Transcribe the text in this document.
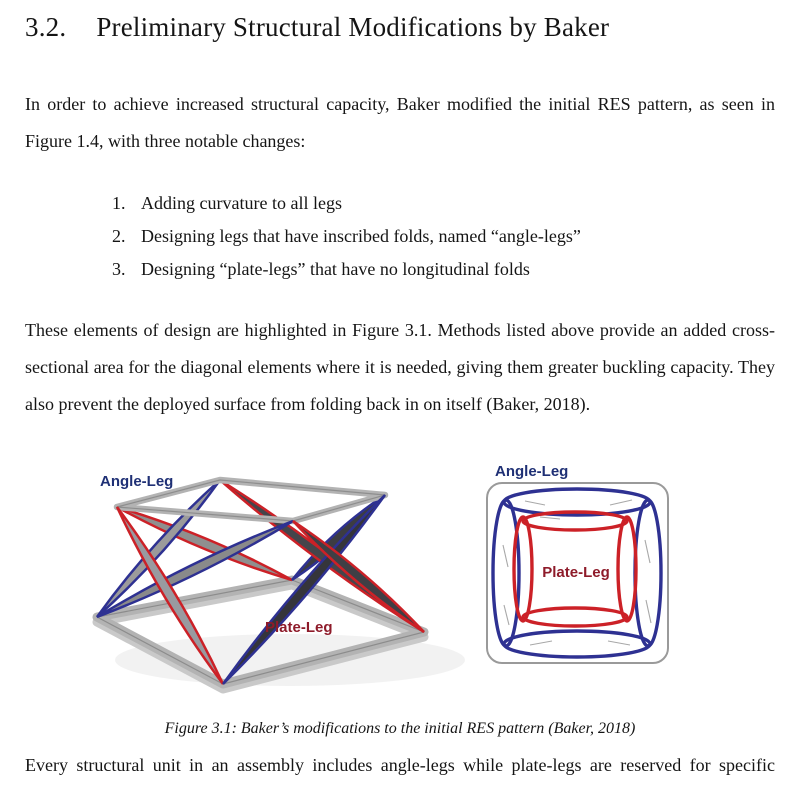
3.2. Preliminary Structural Modifications by Baker

In order to achieve increased structural capacity, Baker modified the initial RES pattern, as seen in Figure 1.4, with three notable changes:

1. Adding curvature to all legs
2. Designing legs that have inscribed folds, named “angle-legs”
3. Designing “plate-legs” that have no longitudinal folds

These elements of design are highlighted in Figure 3.1. Methods listed above provide an added cross-sectional area for the diagonal elements where it is needed, giving them greater buckling capacity. They also prevent the deployed surface from folding back in on itself (Baker, 2018).

Angle-Leg
Plate-Leg
Angle-Leg
Plate-Leg
Figure 3.1: Baker’s modifications to the initial RES pattern (Baker, 2018)

Every structural unit in an assembly includes angle-legs while plate-legs are reserved for specific
